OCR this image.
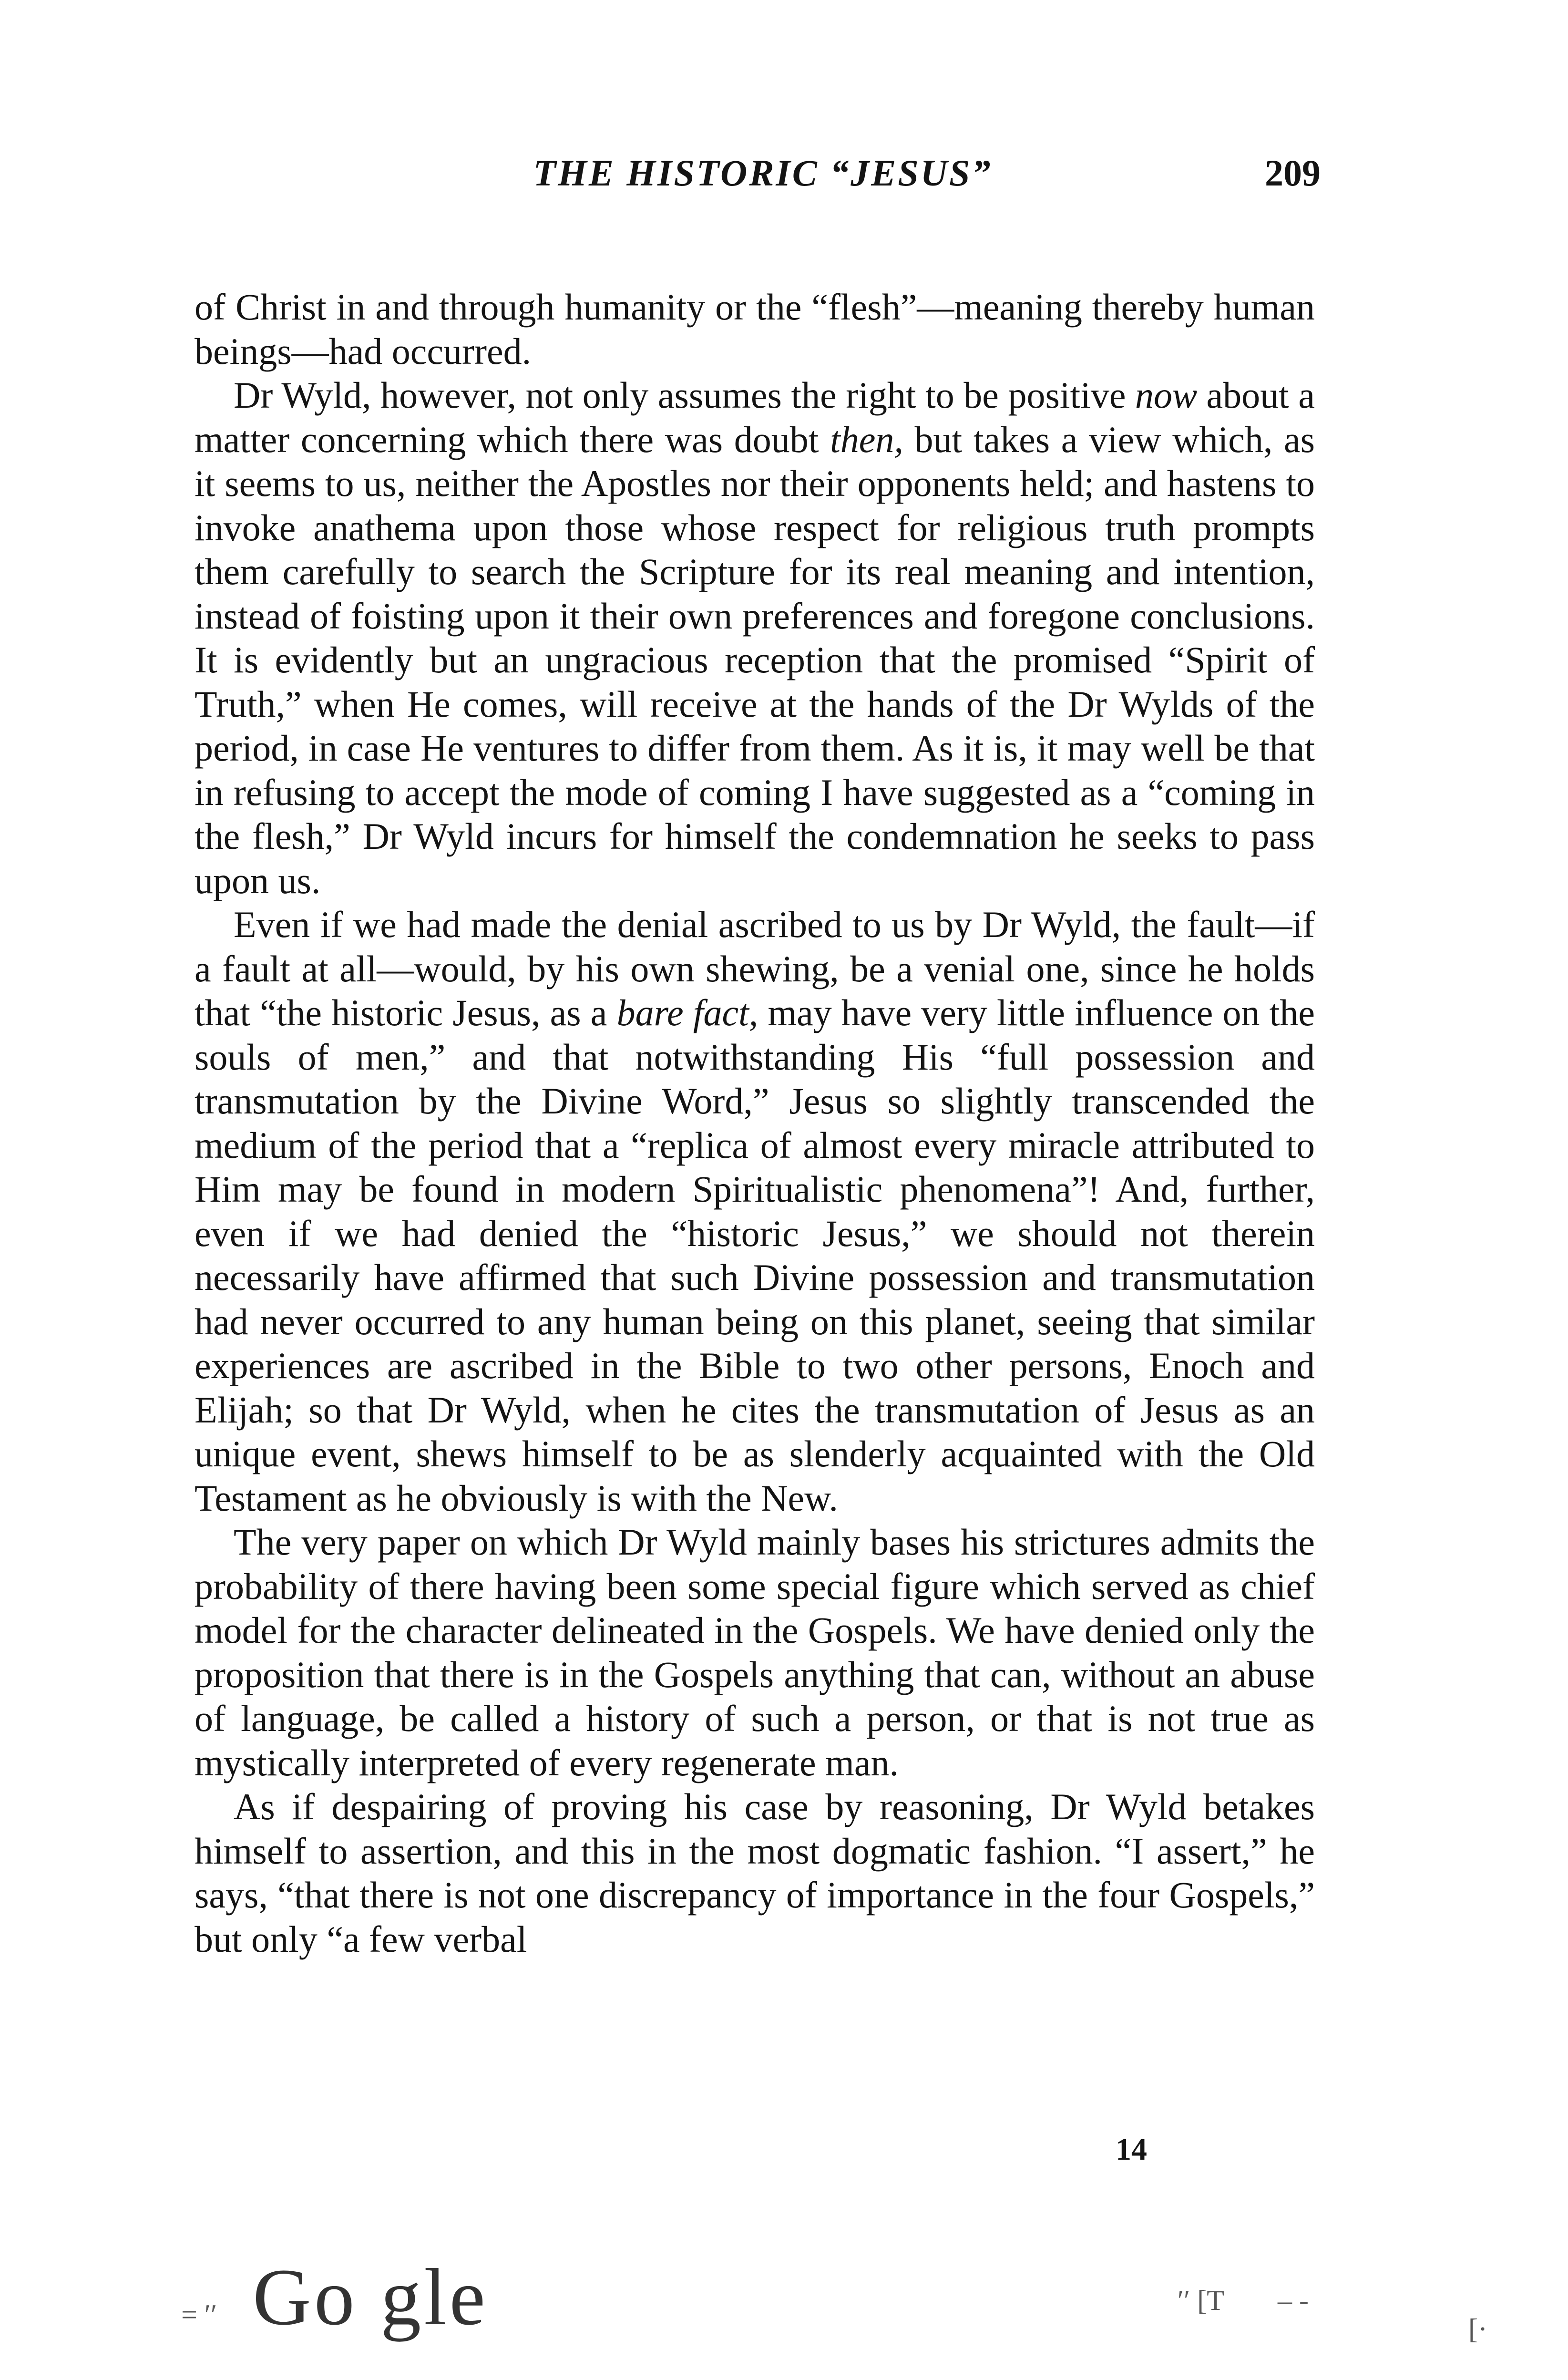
THE HISTORIC “JESUS”	209

of Christ in and through humanity or the “flesh”—meaning thereby human beings—had occurred.

Dr Wyld, however, not only assumes the right to be positive now about a matter concerning which there was doubt then, but takes a view which, as it seems to us, neither the Apostles nor their opponents held; and hastens to invoke anathema upon those whose respect for religious truth prompts them carefully to search the Scripture for its real meaning and intention, instead of foisting upon it their own preferences and foregone conclusions. It is evidently but an ungracious reception that the promised “Spirit of Truth,” when He comes, will receive at the hands of the Dr Wylds of the period, in case He ventures to differ from them. As it is, it may well be that in refusing to accept the mode of coming I have suggested as a “coming in the flesh,” Dr Wyld incurs for himself the condemnation he seeks to pass upon us.

Even if we had made the denial ascribed to us by Dr Wyld, the fault—if a fault at all—would, by his own shewing, be a venial one, since he holds that “the historic Jesus, as a bare fact, may have very little influence on the souls of men,” and that notwithstanding His “full possession and transmutation by the Divine Word,” Jesus so slightly transcended the medium of the period that a “replica of almost every miracle attributed to Him may be found in modern Spiritualistic phenomena”! And, further, even if we had denied the “historic Jesus,” we should not therein necessarily have affirmed that such Divine possession and transmutation had never occurred to any human being on this planet, seeing that similar experiences are ascribed in the Bible to two other persons, Enoch and Elijah; so that Dr Wyld, when he cites the transmutation of Jesus as an unique event, shews himself to be as slenderly acquainted with the Old Testament as he obviously is with the New.

The very paper on which Dr Wyld mainly bases his strictures admits the probability of there having been some special figure which served as chief model for the character delineated in the Gospels. We have denied only the proposition that there is in the Gospels anything that can, without an abuse of language, be called a history of such a person, or that is not true as mystically interpreted of every regenerate man.

As if despairing of proving his case by reasoning, Dr Wyld betakes himself to assertion, and this in the most dogmatic fashion. “I assert,” he says, “that there is not one discrepancy of importance in the four Gospels,” but only “a few verbal

14
Go gle
= ′′	′′ [T – -
[·
